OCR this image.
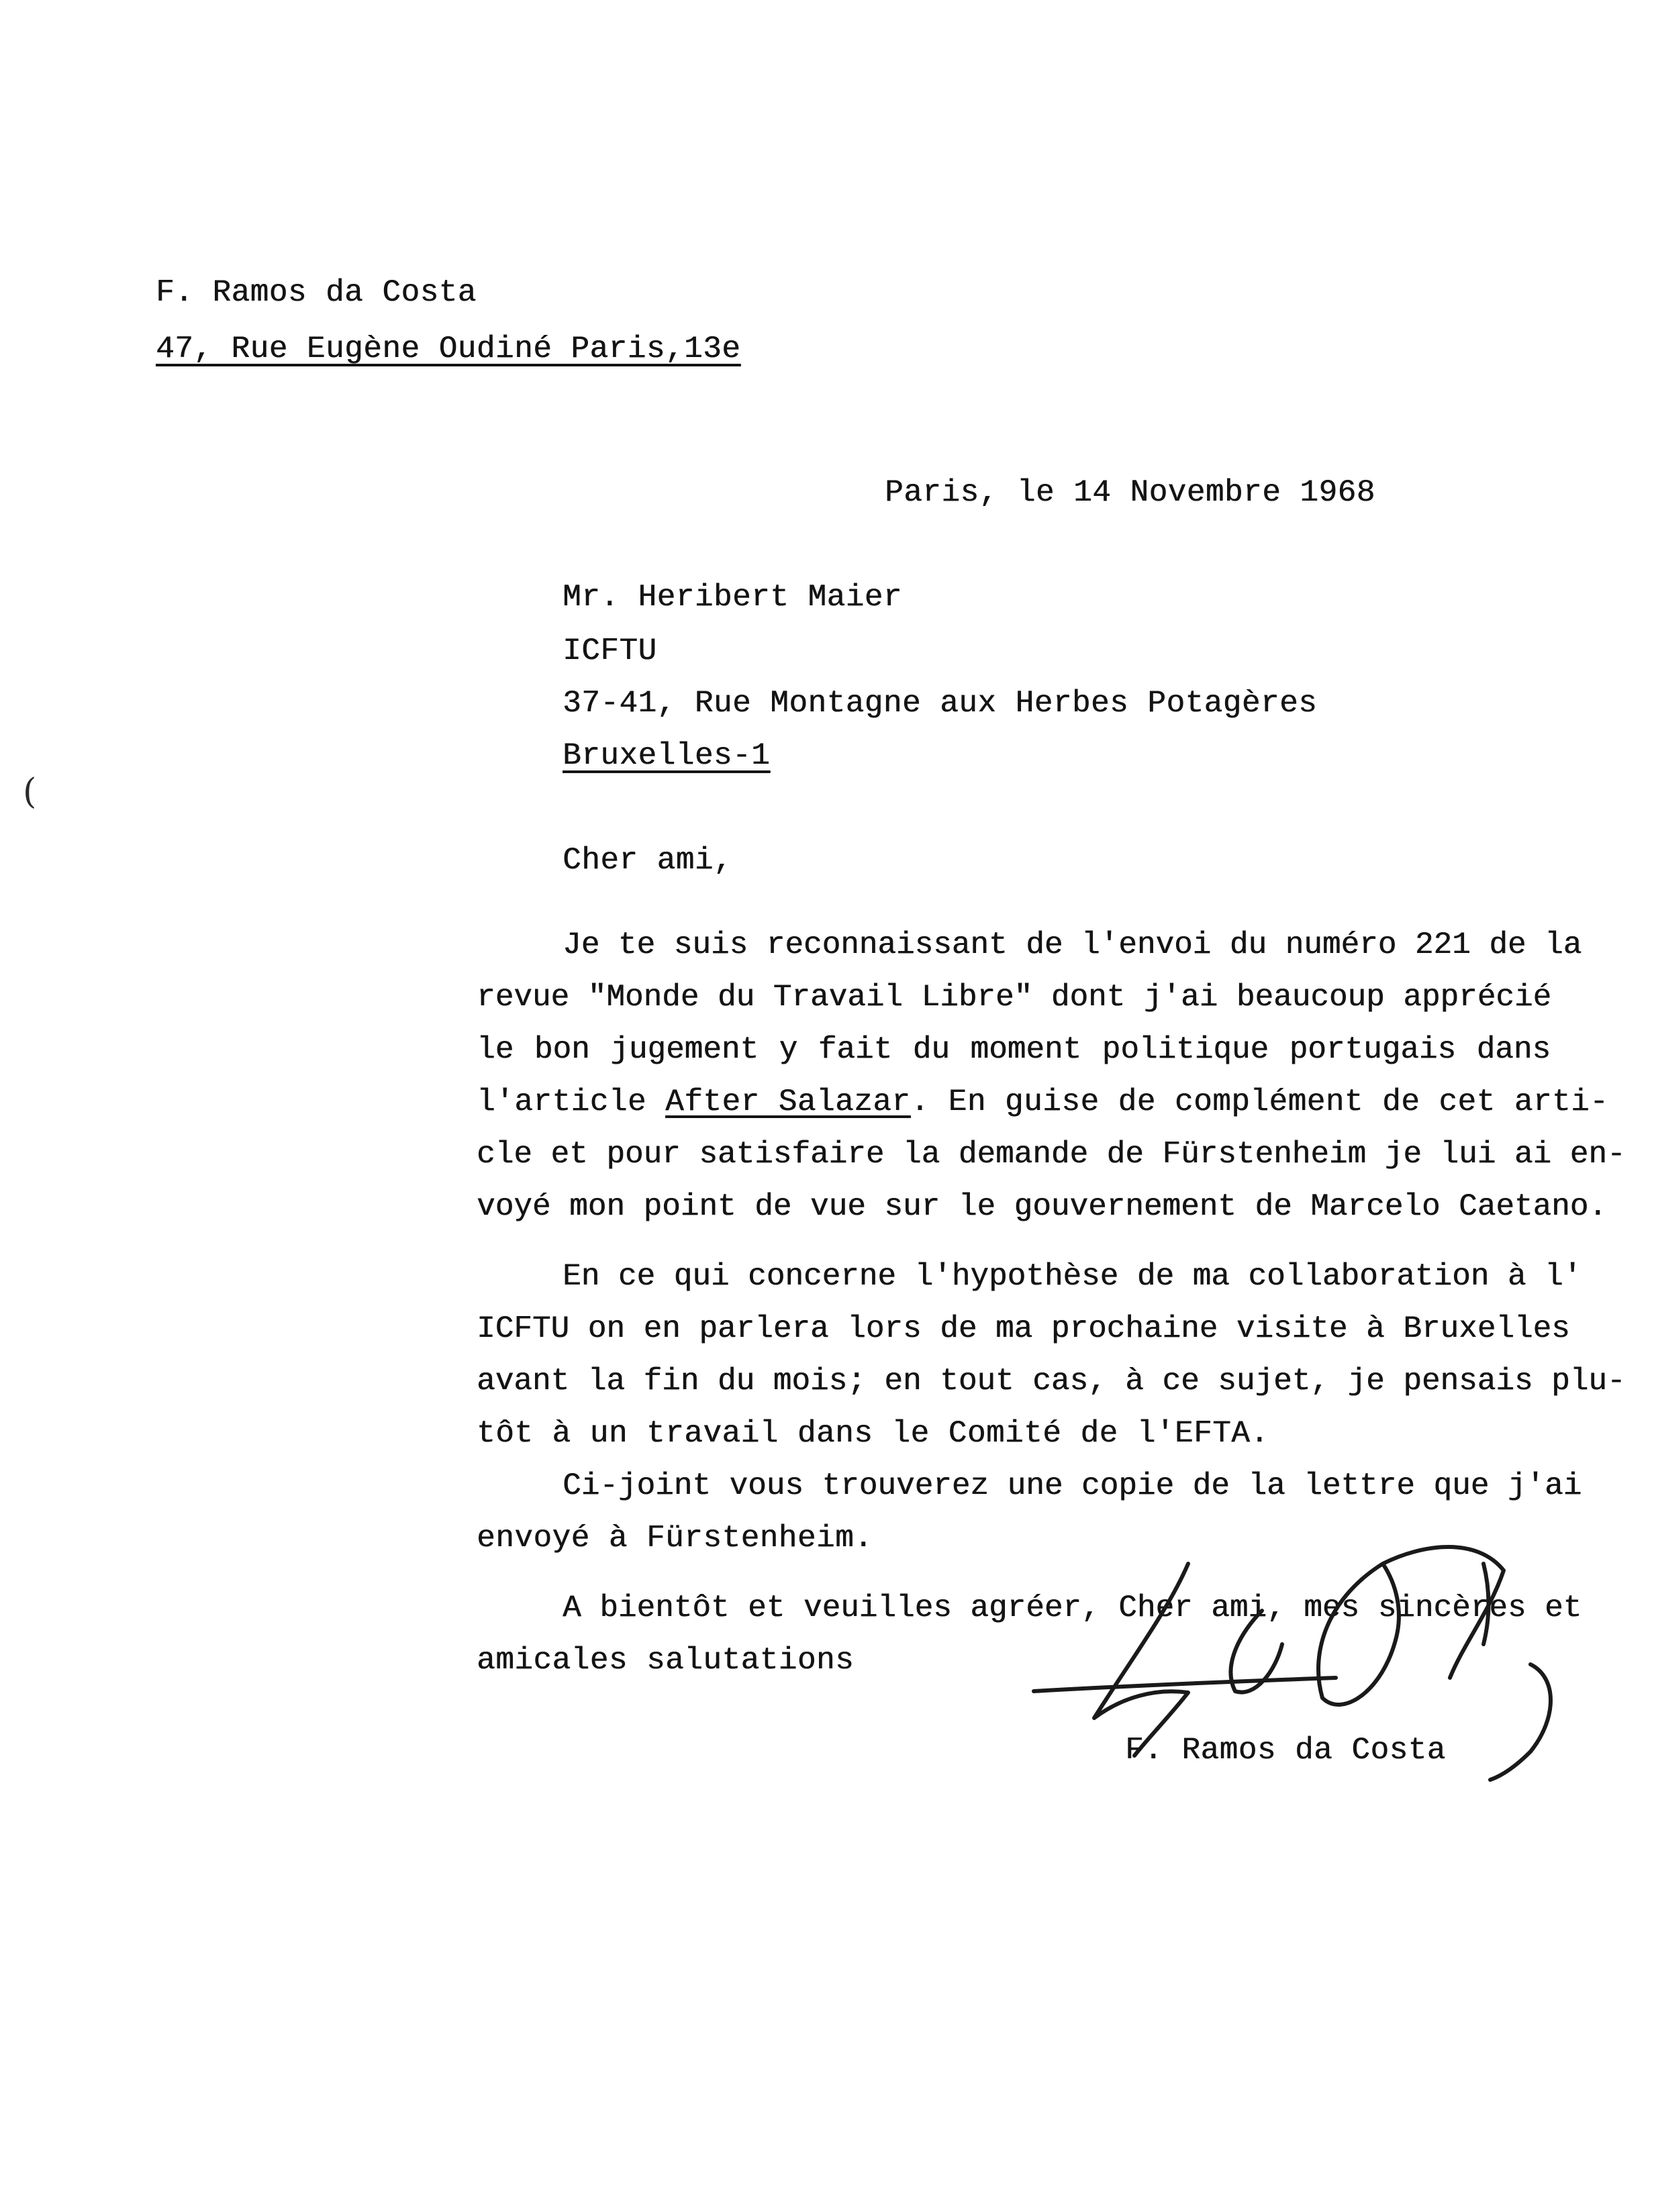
F. Ramos da Costa
47, Rue Eugène Oudiné Paris,13e
Paris, le 14 Novembre 1968
Mr. Heribert Maier
ICFTU
37-41, Rue Montagne aux Herbes Potagères
Bruxelles-1
(
Cher ami,
Je te suis reconnaissant de l'envoi du numéro 221 de la
revue "Monde du Travail Libre" dont j'ai beaucoup apprécié
le bon jugement y fait du moment politique portugais dans
l'article After Salazar. En guise de complément de cet arti-
cle et pour satisfaire la demande de Fürstenheim je lui ai en-
voyé mon point de vue sur le gouvernement de Marcelo Caetano.
En ce qui concerne l'hypothèse de ma collaboration à l'
ICFTU on en parlera lors de ma prochaine visite à Bruxelles
avant la fin du mois; en tout cas, à ce sujet, je pensais plu-
tôt à un travail dans le Comité de l'EFTA.
Ci-joint vous trouverez une copie de la lettre que j'ai
envoyé à Fürstenheim.
A bientôt et veuilles agréer, Cher ami, mes sincères et
amicales salutations
F. Ramos da Costa
